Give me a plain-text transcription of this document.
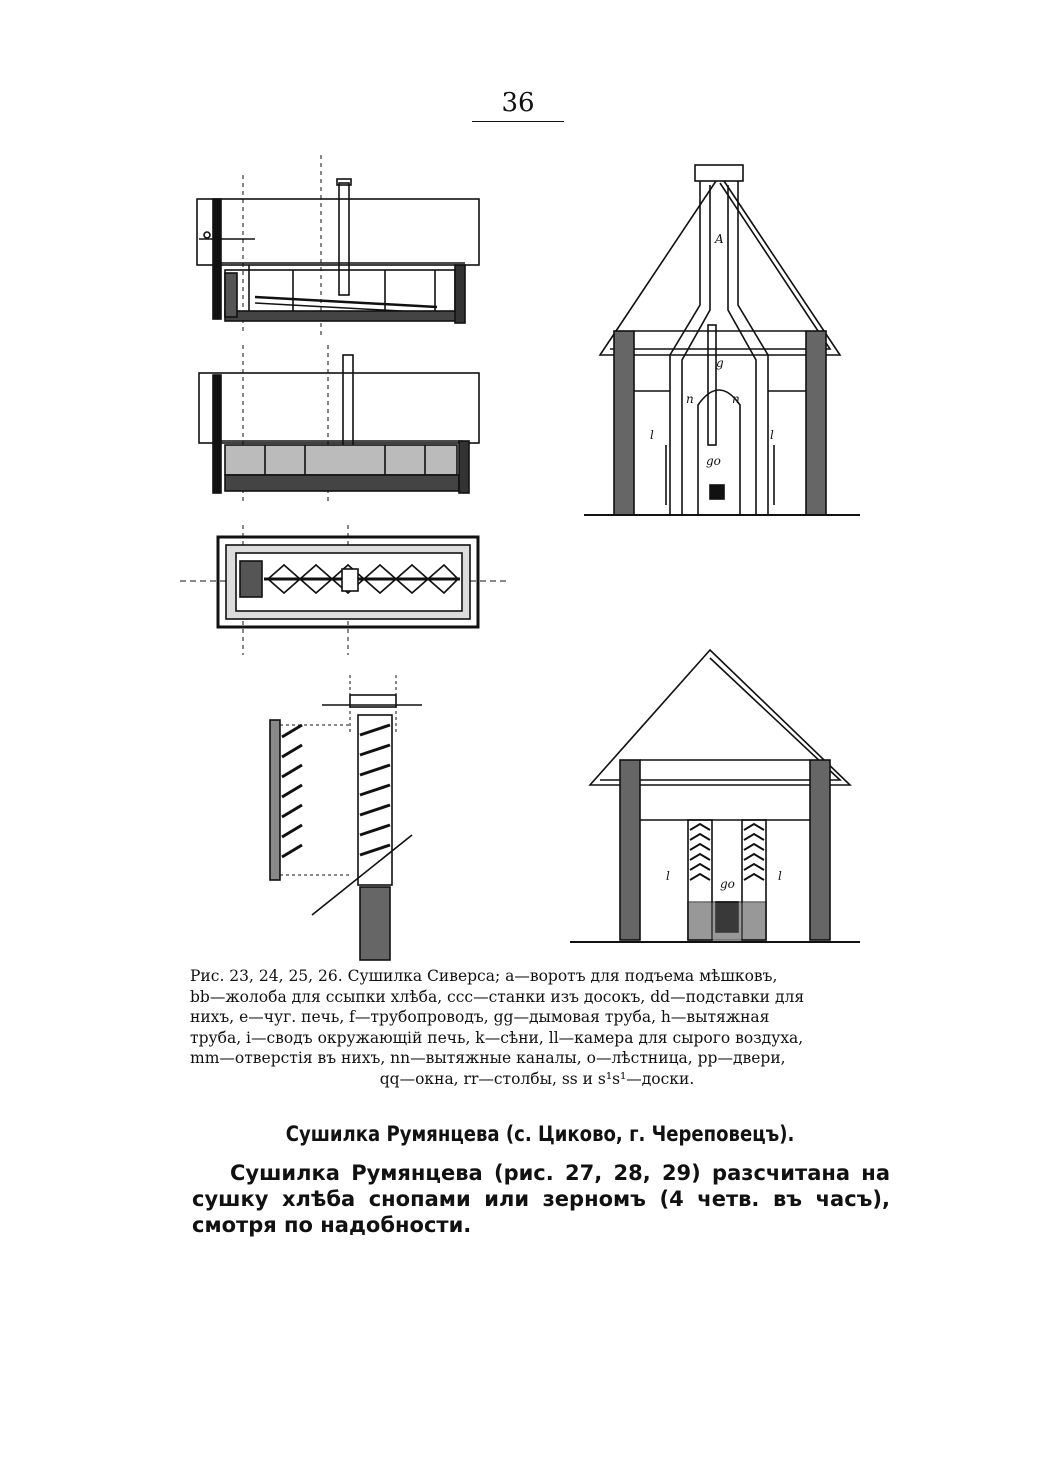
36
A
l	l
n	n
g
go
l	l
go

Рис. 23, 24, 25, 26. Сушилка Сиверса; a—воротъ для подъема мѣшковъ,

bb—жолоба для ссыпки хлѣба, ccc—станки изъ досокъ, dd—подставки для

нихъ, e—чуг. печь, f—трубопроводъ, gg—дымовая труба, h—вытяжная

труба, i—сводъ окружающій печь, k—сѣни, ll—камера для сырого воздуха,

mm—отверстія въ нихъ, nn—вытяжные каналы, o—лѣстница, pp—двери,

qq—окна, rr—столбы, ss и s¹s¹—доски.

Сушилка Румянцева (с. Циково, г. Череповецъ).
Сушилка Румянцева (рис. 27, 28, 29) разсчитана на сушку хлѣба снопами или зерномъ (4 четв. въ часъ), смотря по надобности.
